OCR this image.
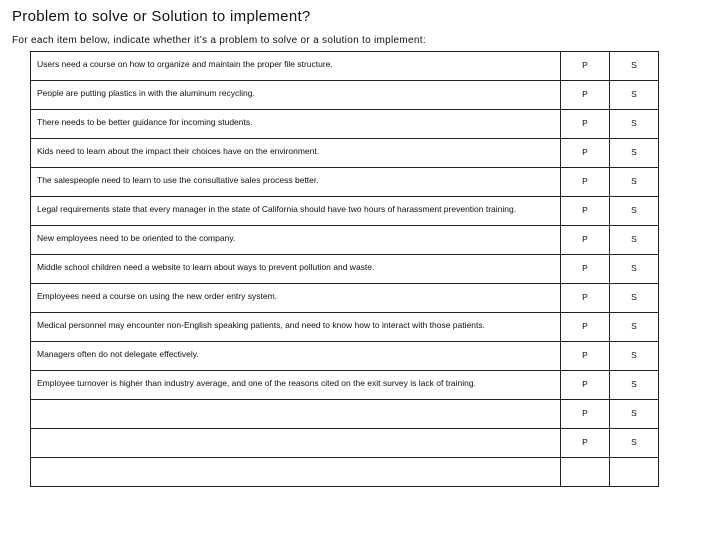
Problem to solve or Solution to implement?
For each item below, indicate whether it’s a problem to solve or a solution to implement:
Users need a course on how to organize and maintain the proper file structure.	P	S
People are putting plastics in with the aluminum recycling.	P	S
There needs to be better guidance for incoming students.	P	S
Kids need to learn about the impact their choices have on the environment.	P	S
The salespeople need to learn to use the consultative sales process better.	P	S
Legal requirements state that every manager in the state of California should have two hours of harassment prevention training.	P	S
New employees need to be oriented to the company.	P	S
Middle school children need a website to learn about ways to prevent pollution and waste.	P	S
Employees need a course on using the new order entry system.	P	S
Medical personnel may encounter non-English speaking patients, and need to know how to interact with those patients.	P	S
Managers often do not delegate effectively.	P	S
Employee turnover is higher than industry average, and one of the reasons cited on the exit survey is lack of training.	P	S
	P	S
	P	S
